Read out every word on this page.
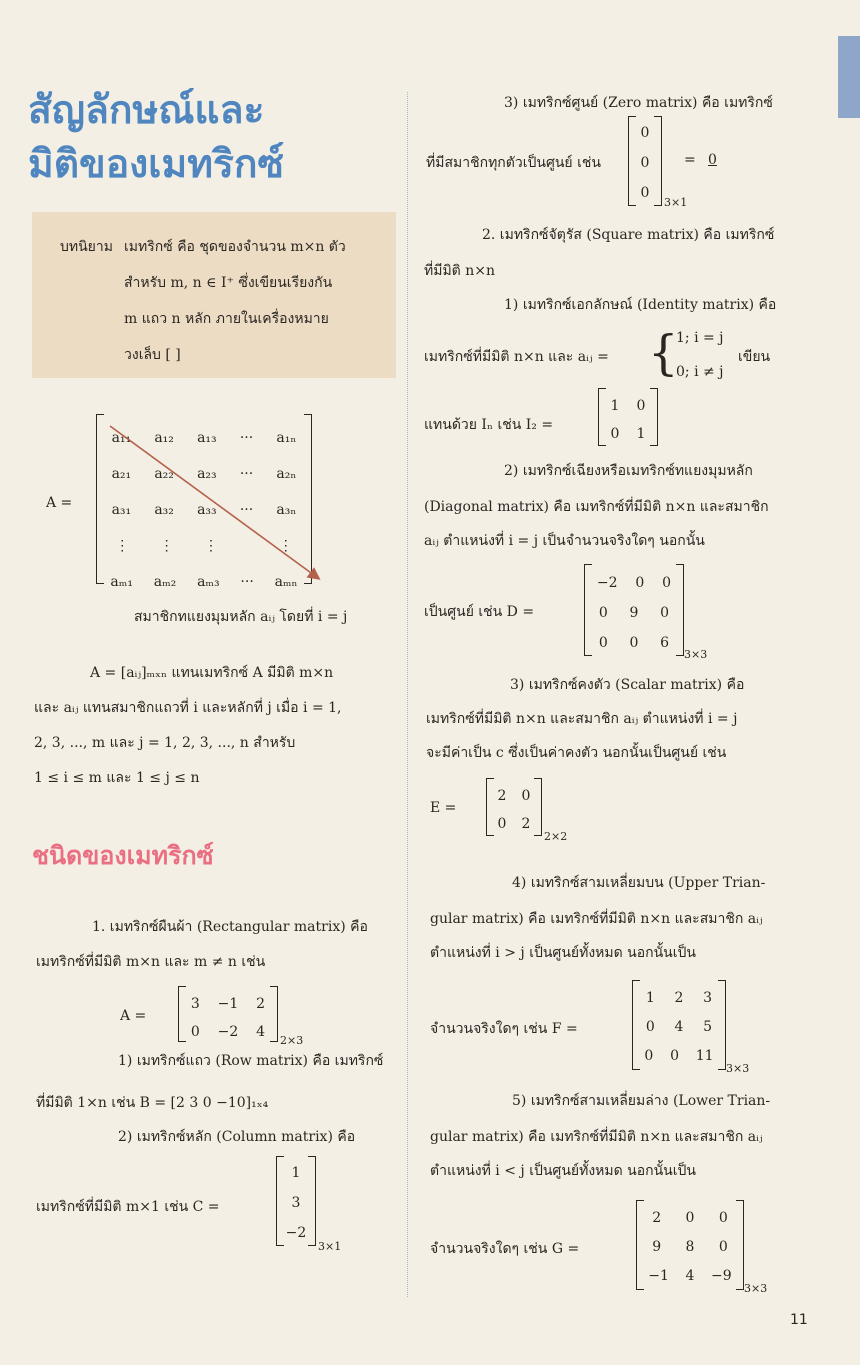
สัญลักษณ์และ
มิติของเมทริกซ์
บทนิยาม เมทริกซ์ คือ ชุดของจำนวน m×n ตัว
สำหรับ m, n ∈ I⁺ ซึ่งเขียนเรียงกัน
m แถว n หลัก ภายในเครื่องหมาย
วงเล็บ [ ]
A =
a₁₁ a₁₂ a₁₃ ··· a₁ₙ
a₂₁ a₂₂ a₂₃ ··· a₂ₙ
a₃₁ a₃₂ a₃₃ ··· a₃ₙ
⋮ ⋮ ⋮	⋮
aₘ₁ aₘ₂ aₘ₃ ··· aₘₙ
สมาชิกทแยงมุมหลัก aᵢⱼ โดยที่ i = j
A = [aᵢⱼ]ₘₓₙ แทนเมทริกซ์ A มีมิติ m×n
และ aᵢⱼ แทนสมาชิกแถวที่ i และหลักที่ j เมื่อ i = 1,
2, 3, ..., m และ j = 1, 2, 3, ..., n สำหรับ
1 ≤ i ≤ m และ 1 ≤ j ≤ n
ชนิดของเมทริกซ์
1. เมทริกซ์ผืนผ้า (Rectangular matrix) คือ
เมทริกซ์ที่มีมิติ m×n และ m ≠ n เช่น
A =
3 −1 2
0 −2 4
2×3
1) เมทริกซ์แถว (Row matrix) คือ เมทริกซ์
ที่มีมิติ 1×n เช่น B = [2 3 0 −10]₁ₓ₄
2) เมทริกซ์หลัก (Column matrix) คือ
เมทริกซ์ที่มีมิติ m×1 เช่น C =
1
3
−2
3×1
3) เมทริกซ์ศูนย์ (Zero matrix) คือ เมทริกซ์
ที่มีสมาชิกทุกตัวเป็นศูนย์ เช่น
0
0
0
3×1
= 0
2. เมทริกซ์จัตุรัส (Square matrix) คือ เมทริกซ์
ที่มีมิติ n×n
1) เมทริกซ์เอกลักษณ์ (Identity matrix) คือ
เมทริกซ์ที่มีมิติ n×n และ aᵢⱼ = {
1; i = j
0; i ≠ j
เขียน
แทนด้วย Iₙ เช่น I₂ =
1 0
0 1
2) เมทริกซ์เฉียงหรือเมทริกซ์ทแยงมุมหลัก
(Diagonal matrix) คือ เมทริกซ์ที่มีมิติ n×n และสมาชิก
aᵢⱼ ตำแหน่งที่ i = j เป็นจำนวนจริงใดๆ นอกนั้น
เป็นศูนย์ เช่น D =
−2 0 0
0 9 0
0 0 6
3×3
3) เมทริกซ์คงตัว (Scalar matrix) คือ
เมทริกซ์ที่มีมิติ n×n และสมาชิก aᵢⱼ ตำแหน่งที่ i = j
จะมีค่าเป็น c ซึ่งเป็นค่าคงตัว นอกนั้นเป็นศูนย์ เช่น
E =
2 0
0 2
2×2
4) เมทริกซ์สามเหลี่ยมบน (Upper Trian-
gular matrix) คือ เมทริกซ์ที่มีมิติ n×n และสมาชิก aᵢⱼ
ตำแหน่งที่ i > j เป็นศูนย์ทั้งหมด นอกนั้นเป็น
จำนวนจริงใดๆ เช่น F =
1 2 3
0 4 5
0 0 11
3×3
5) เมทริกซ์สามเหลี่ยมล่าง (Lower Trian-
gular matrix) คือ เมทริกซ์ที่มีมิติ n×n และสมาชิก aᵢⱼ
ตำแหน่งที่ i < j เป็นศูนย์ทั้งหมด นอกนั้นเป็น
จำนวนจริงใดๆ เช่น G =
2 0 0
9 8 0
−1 4 −9
3×3
11
